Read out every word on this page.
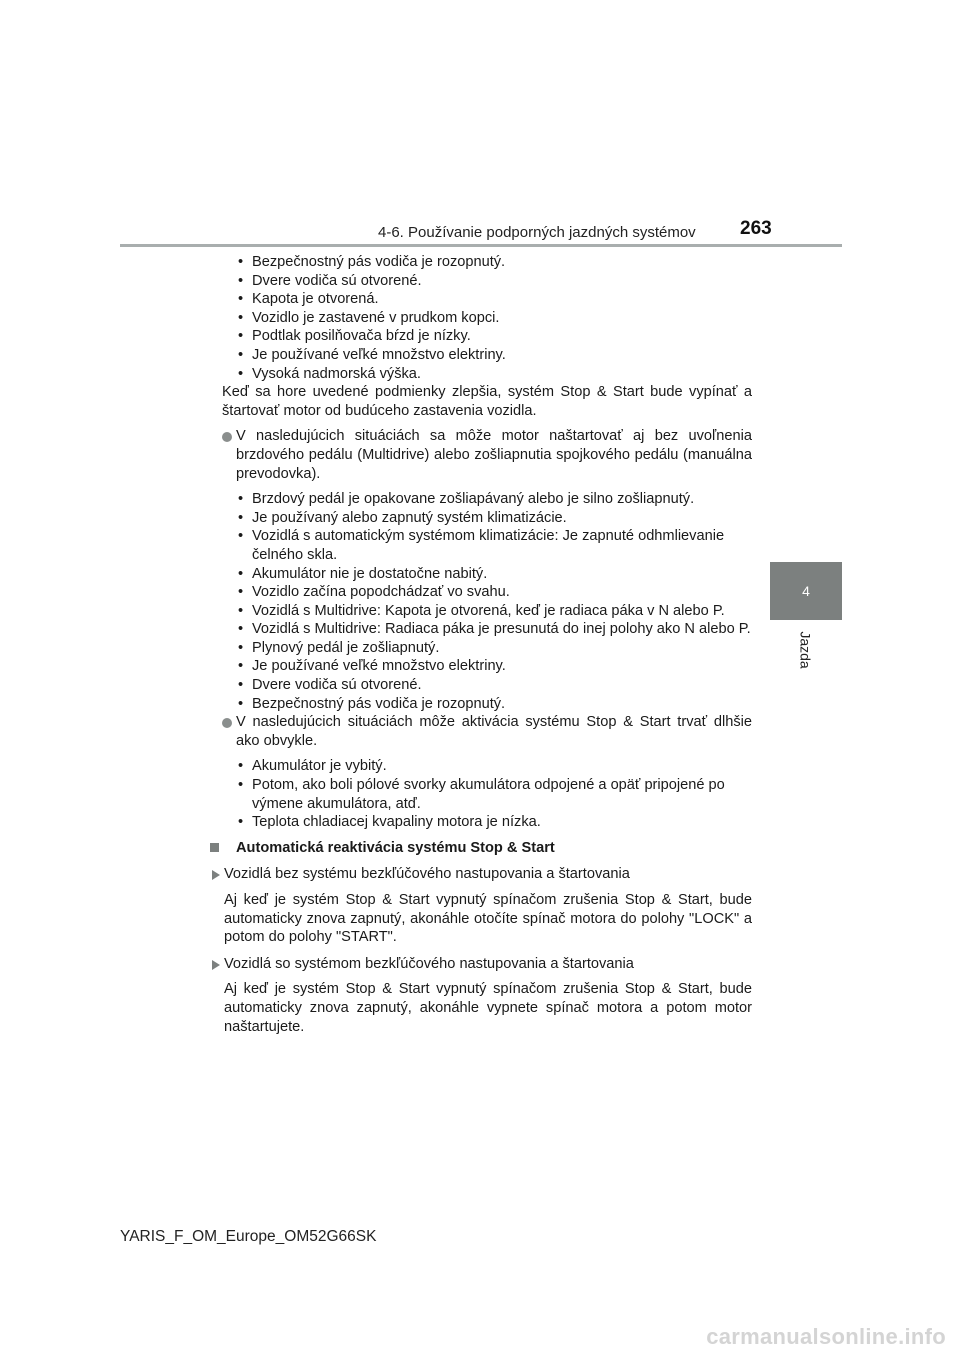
4-6. Používanie podporných jazdných systémov 263
4
Jazda
• Bezpečnostný pás vodiča je rozopnutý.
• Dvere vodiča sú otvorené.
• Kapota je otvorená.
• Vozidlo je zastavené v prudkom kopci.
• Podtlak posilňovača bŕzd je nízky.
• Je používané veľké množstvo elektriny.
• Vysoká nadmorská výška.

Keď sa hore uvedené podmienky zlepšia, systém Stop & Start bude vypínať a štartovať motor od budúceho zastavenia vozidla.

V nasledujúcich situáciách sa môže motor naštartovať aj bez uvoľnenia brzdového pedálu (Multidrive) alebo zošliapnutia spojkového pedálu (manuálna prevodovka).

• Brzdový pedál je opakovane zošliapávaný alebo je silno zošliapnutý.
• Je používaný alebo zapnutý systém klimatizácie.
• Vozidlá s automatickým systémom klimatizácie: Je zapnuté odhmlievanie čelného skla.
• Akumulátor nie je dostatočne nabitý.
• Vozidlo začína popodchádzať vo svahu.
• Vozidlá s Multidrive: Kapota je otvorená, keď je radiaca páka v N alebo P.
• Vozidlá s Multidrive: Radiaca páka je presunutá do inej polohy ako N alebo P.
• Plynový pedál je zošliapnutý.
• Je používané veľké množstvo elektriny.
• Dvere vodiča sú otvorené.
• Bezpečnostný pás vodiča je rozopnutý.

V nasledujúcich situáciách môže aktivácia systému Stop & Start trvať dlhšie ako obvykle.

• Akumulátor je vybitý.
• Potom, ako boli pólové svorky akumulátora odpojené a opäť pripojené po výmene akumulátora, atď.
• Teplota chladiacej kvapaliny motora je nízka.

Automatická reaktivácia systému Stop & Start

Vozidlá bez systému bezkľúčového nastupovania a štartovania

Aj keď je systém Stop & Start vypnutý spínačom zrušenia Stop & Start, bude automaticky znova zapnutý, akonáhle otočíte spínač motora do polohy "LOCK" a potom do polohy "START".

Vozidlá so systémom bezkľúčového nastupovania a štartovania

Aj keď je systém Stop & Start vypnutý spínačom zrušenia Stop & Start, bude automaticky znova zapnutý, akonáhle vypnete spínač motora a potom motor naštartujete.

YARIS_F_OM_Europe_OM52G66SK
carmanualsonline.info
